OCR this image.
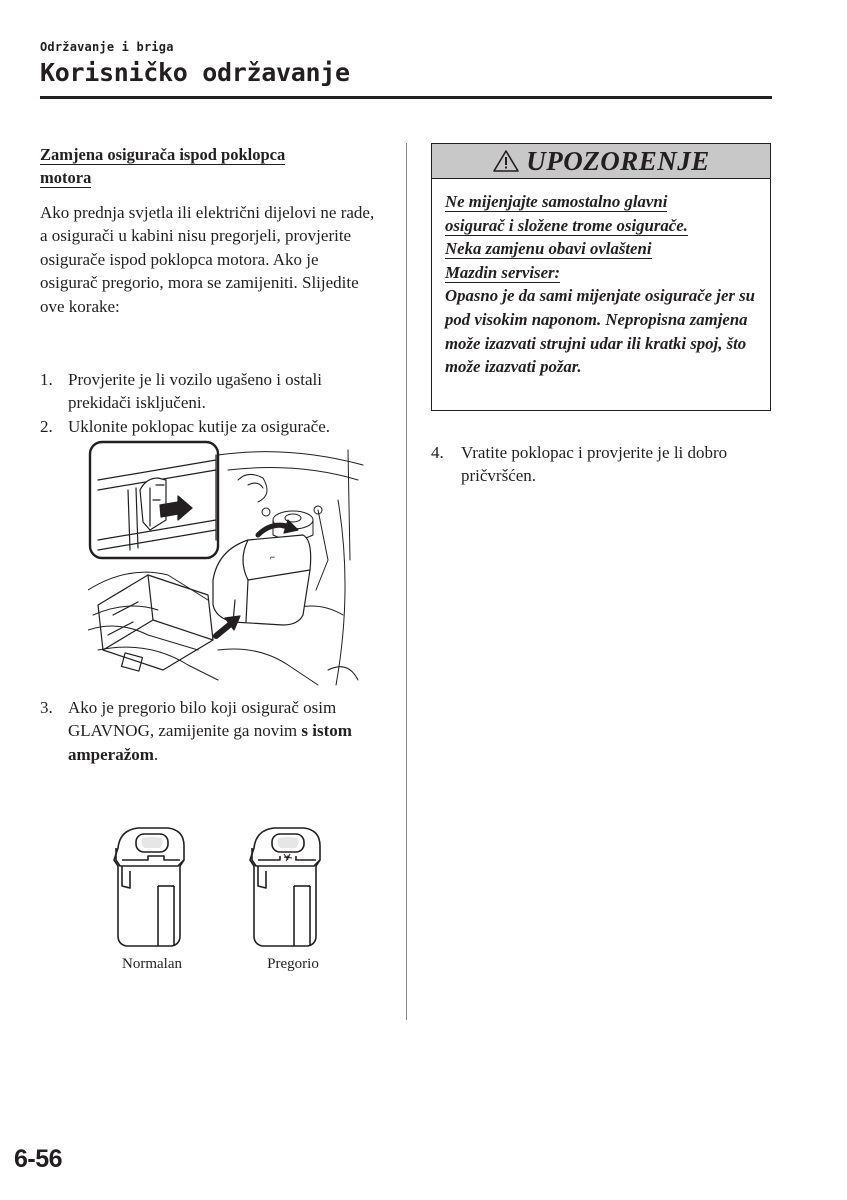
Održavanje i briga
Korisničko održavanje

Zamjena osigurača ispod poklopca
motora

Ako prednja svjetla ili električni dijelovi ne rade, a osigurači u kabini nisu pregorjeli, provjerite osigurače ispod poklopca motora. Ako je osigurač pregorio, mora se zamijeniti. Slijedite ove korake:
1. Provjerite je li vozilo ugašeno i ostali prekidači isključeni.
2. Uklonite poklopac kutije za osigurače.
⌐
3. Ako je pregorio bilo koji osigurač osim GLAVNOG, zamijenite ga novim s istom amperažom.
Normalan	Pregorio
UPOZORENJE
Ne mijenjajte samostalno glavni
osigurač i složene trome osigurače.
Neka zamjenu obavi ovlašteni
Mazdin serviser:
Opasno je da sami mijenjate osigurače jer su pod visokim naponom. Nepropisna zamjena može izazvati strujni udar ili kratki spoj, što može izazvati požar.
4. Vratite poklopac i provjerite je li dobro pričvršćen.
6-56
